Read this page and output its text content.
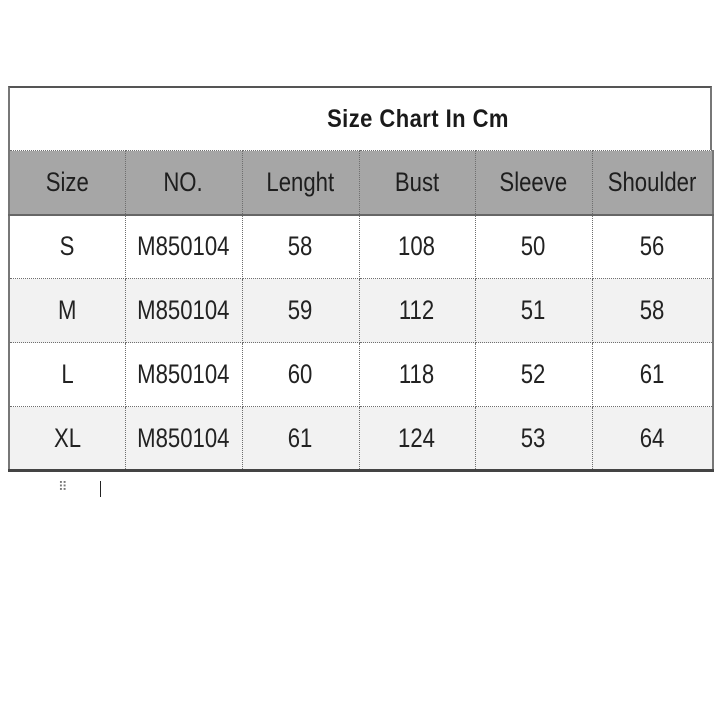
Size Chart In Cm
Size	NO.	Lenght	Bust	Sleeve	Shoulder
S	M850104	58	108	50	56
M	M850104	59	112	51	58
L	M850104	60	118	52	61
XL	M850104	61	124	53	64
⠿
